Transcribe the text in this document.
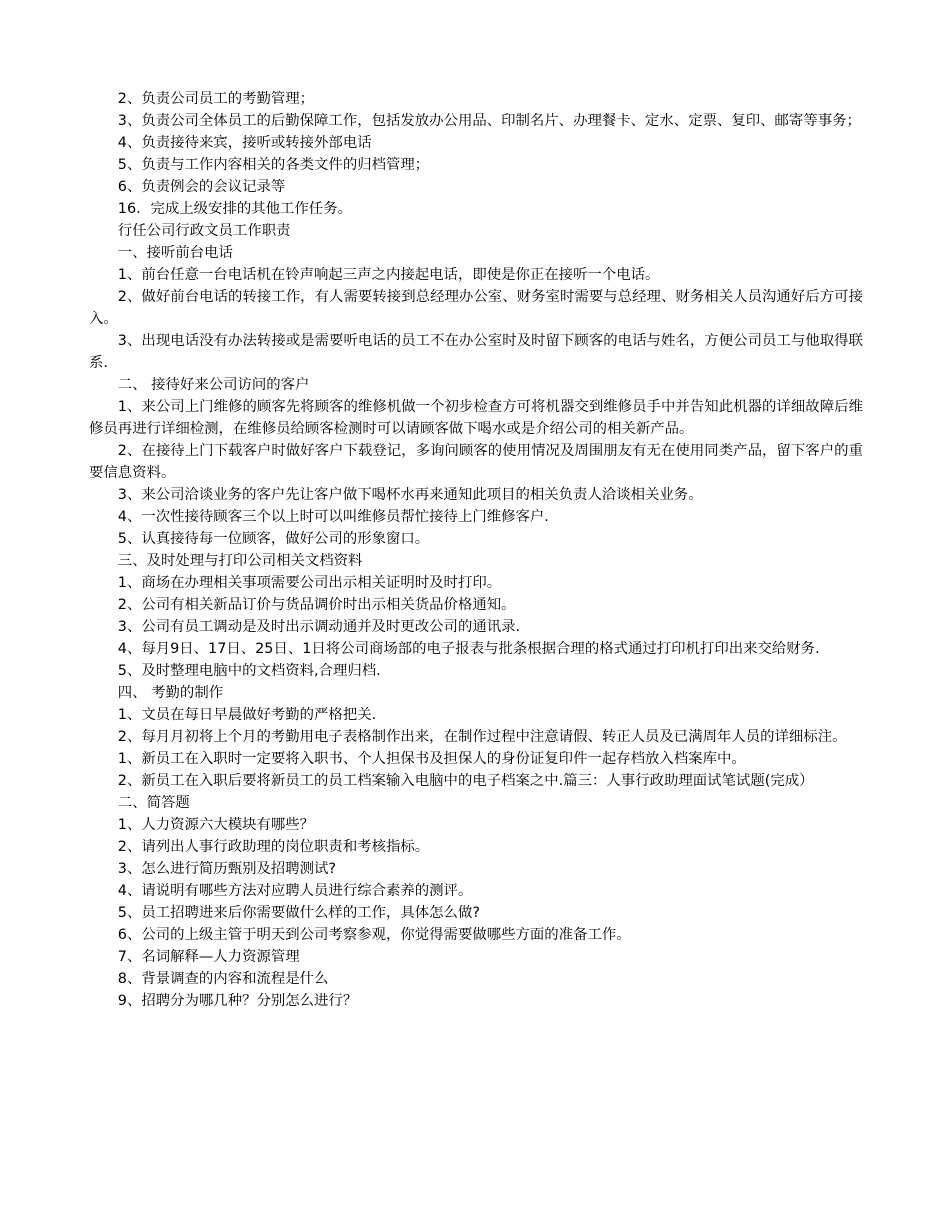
2、负责公司员工的考勤管理；

3、负责公司全体员工的后勤保障工作，包括发放办公用品、印制名片、办理餐卡、定水、定票、复印、邮寄等事务；

4、负责接待来宾，接听或转接外部电话

5、负责与工作内容相关的各类文件的归档管理；

6、负责例会的会议记录等

16．完成上级安排的其他工作任务。

行任公司行政文员工作职责

一、接听前台电话

1、前台任意一台电话机在铃声响起三声之内接起电话，即使是你正在接听一个电话。

2、做好前台电话的转接工作，有人需要转接到总经理办公室、财务室时需要与总经理、财务相关人员沟通好后方可接入。

3、出现电话没有办法转接或是需要听电话的员工不在办公室时及时留下顾客的电话与姓名，方便公司员工与他取得联系.

二、 接待好来公司访问的客户

1、来公司上门维修的顾客先将顾客的维修机做一个初步检查方可将机器交到维修员手中并告知此机器的详细故障后维修员再进行详细检测，在维修员给顾客检测时可以请顾客做下喝水或是介绍公司的相关新产品。

2、在接待上门下载客户时做好客户下载登记，多询问顾客的使用情况及周围朋友有无在使用同类产品，留下客户的重要信息资料。

3、来公司洽谈业务的客户先让客户做下喝杯水再来通知此项目的相关负责人洽谈相关业务。

4、一次性接待顾客三个以上时可以叫维修员帮忙接待上门维修客户.

5、认真接待每一位顾客，做好公司的形象窗口。

三、及时处理与打印公司相关文档资料

1、商场在办理相关事项需要公司出示相关证明时及时打印。

2、公司有相关新品订价与货品调价时出示相关货品价格通知。

3、公司有员工调动是及时出示调动通并及时更改公司的通讯录.

4、每月9日、17日、25日、1日将公司商场部的电子报表与批条根据合理的格式通过打印机打印出来交给财务.

5、及时整理电脑中的文档资料,合理归档.

四、 考勤的制作

1、文员在每日早晨做好考勤的严格把关.

2、每月月初将上个月的考勤用电子表格制作出来，在制作过程中注意请假、转正人员及已满周年人员的详细标注。

1、新员工在入职时一定要将入职书、个人担保书及担保人的身份证复印件一起存档放入档案库中。

2、新员工在入职后要将新员工的员工档案输入电脑中的电子档案之中.篇三：人事行政助理面试笔试题(完成）

二、简答题

1、人力资源六大模块有哪些？

2、请列出人事行政助理的岗位职责和考核指标。

3、怎么进行简历甄别及招聘测试?

4、请说明有哪些方法对应聘人员进行综合素养的测评。

5、员工招聘进来后你需要做什么样的工作，具体怎么做?

6、公司的上级主管于明天到公司考察参观，你觉得需要做哪些方面的准备工作。

7、名词解释—人力资源管理

8、背景调查的内容和流程是什么

9、招聘分为哪几种？分别怎么进行？
